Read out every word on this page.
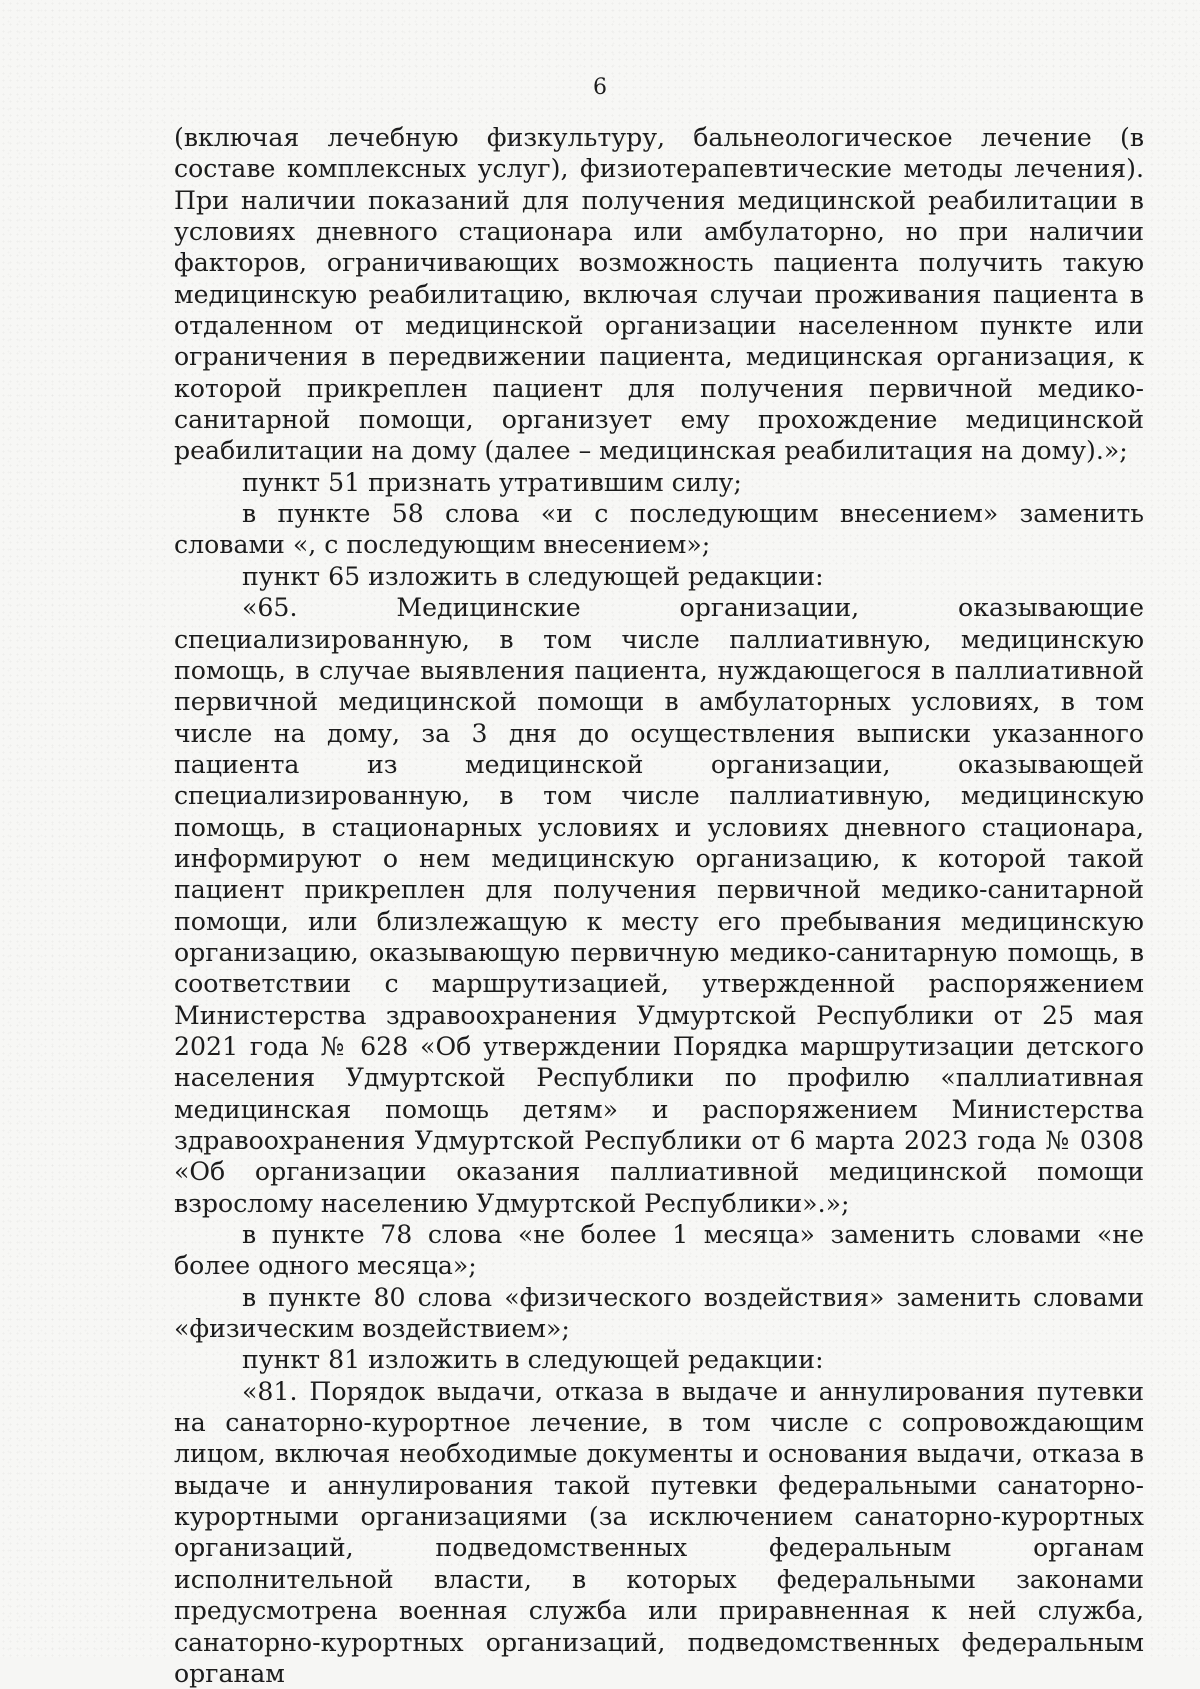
6

(включая лечебную физкультуру, бальнеологическое лечение (в составе комплексных услуг), физиотерапевтические методы лечения). При наличии показаний для получения медицинской реабилитации в условиях дневного стационара или амбулаторно, но при наличии факторов, ограничивающих возможность пациента получить такую медицинскую реабилитацию, включая случаи проживания пациента в отдаленном от медицинской организации населенном пункте или ограничения в передвижении пациента, медицинская организация, к которой прикреплен пациент для получения первичной медико-санитарной помощи, организует ему прохождение медицинской реабилитации на дому (далее – медицинская реабилитация на дому).»;

пункт 51 признать утратившим силу;

в пункте 58 слова «и с последующим внесением» заменить словами «, с последующим внесением»;

пункт 65 изложить в следующей редакции:

«65. Медицинские организации, оказывающие специализированную, в том числе паллиативную, медицинскую помощь, в случае выявления пациента, нуждающегося в паллиативной первичной медицинской помощи в амбулаторных условиях, в том числе на дому, за 3 дня до осуществления выписки указанного пациента из медицинской организации, оказывающей специализированную, в том числе паллиативную, медицинскую помощь, в стационарных условиях и условиях дневного стационара, информируют о нем медицинскую организацию, к которой такой пациент прикреплен для получения первичной медико-санитарной помощи, или близлежащую к месту его пребывания медицинскую организацию, оказывающую первичную медико-санитарную помощь, в соответствии с маршрутизацией, утвержденной распоряжением Министерства здравоохранения Удмуртской Республики от 25 мая 2021 года № 628 «Об утверждении Порядка маршрутизации детского населения Удмуртской Республики по профилю «паллиативная медицинская помощь детям» и распоряжением Министерства здравоохранения Удмуртской Республики от 6 марта 2023 года № 0308 «Об организации оказания паллиативной медицинской помощи взрослому населению Удмуртской Республики».»;

в пункте 78 слова «не более 1 месяца» заменить словами «не более одного месяца»;

в пункте 80 слова «физического воздействия» заменить словами «физическим воздействием»;

пункт 81 изложить в следующей редакции:

«81. Порядок выдачи, отказа в выдаче и аннулирования путевки на санаторно-курортное лечение, в том числе с сопровождающим лицом, включая необходимые документы и основания выдачи, отказа в выдаче и аннулирования такой путевки федеральными санаторно-курортными организациями (за исключением санаторно-курортных организаций, подведомственных федеральным органам исполнительной власти, в которых федеральными законами предусмотрена военная служба или приравненная к ней служба, санаторно-курортных организаций, подведомственных федеральным органам
